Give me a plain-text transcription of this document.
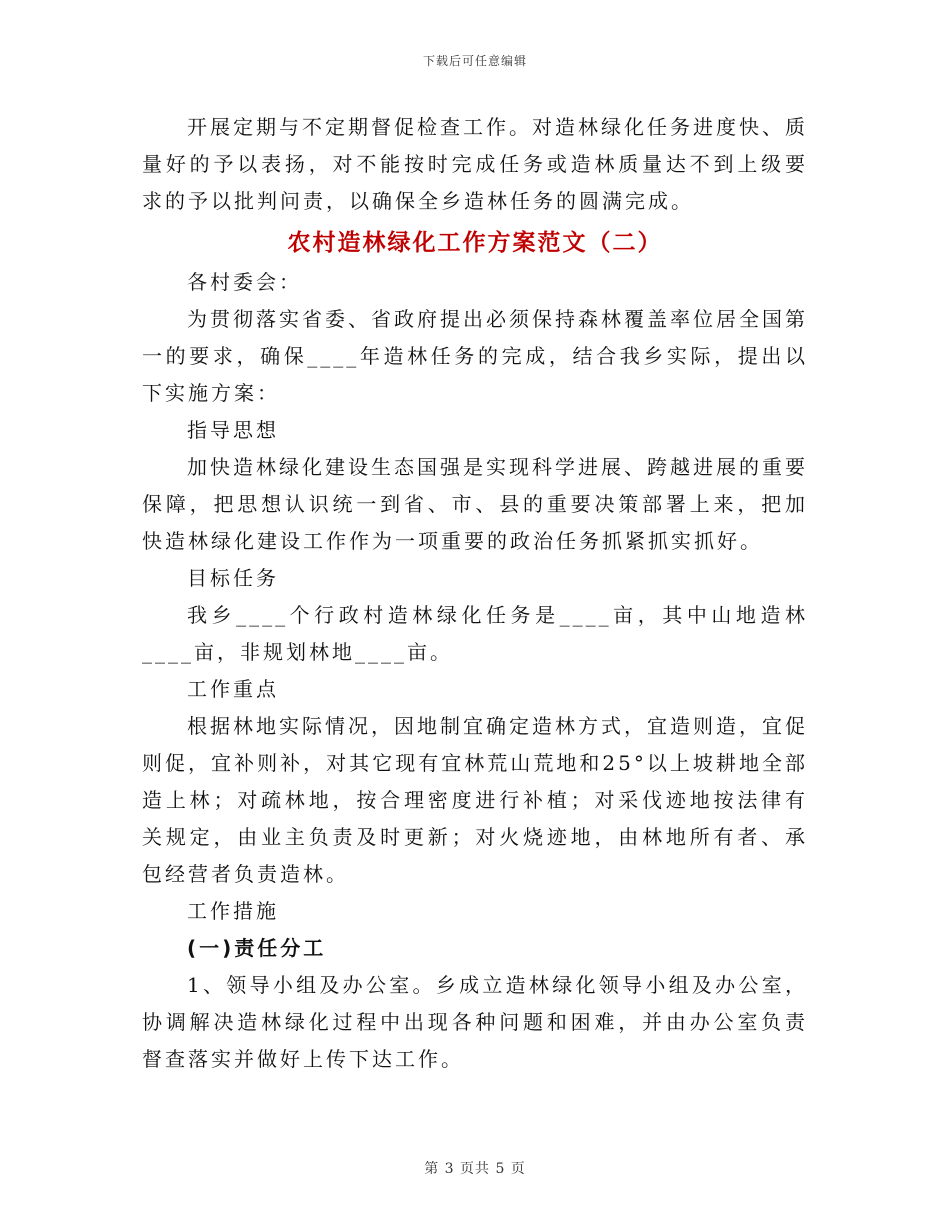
下载后可任意编辑

开展定期与不定期督促检查工作。对造林绿化任务进度快、质量好的予以表扬，对不能按时完成任务或造林质量达不到上级要求的予以批判问责，以确保全乡造林任务的圆满完成。

农村造林绿化工作方案范文（二）

各村委会：

为贯彻落实省委、省政府提出必须保持森林覆盖率位居全国第一的要求，确保____年造林任务的完成，结合我乡实际，提出以下实施方案：

指导思想

加快造林绿化建设生态国强是实现科学进展、跨越进展的重要保障，把思想认识统一到省、市、县的重要决策部署上来，把加快造林绿化建设工作作为一项重要的政治任务抓紧抓实抓好。

目标任务

我乡____个行政村造林绿化任务是____亩，其中山地造林____亩，非规划林地____亩。

工作重点

根据林地实际情况，因地制宜确定造林方式，宜造则造，宜促则促，宜补则补，对其它现有宜林荒山荒地和25°以上坡耕地全部造上林；对疏林地，按合理密度进行补植；对采伐迹地按法律有关规定，由业主负责及时更新；对火烧迹地，由林地所有者、承包经营者负责造林。

工作措施

(一)责任分工

1、领导小组及办公室。乡成立造林绿化领导小组及办公室，协调解决造林绿化过程中出现各种问题和困难，并由办公室负责督查落实并做好上传下达工作。

第 3 页共 5 页
